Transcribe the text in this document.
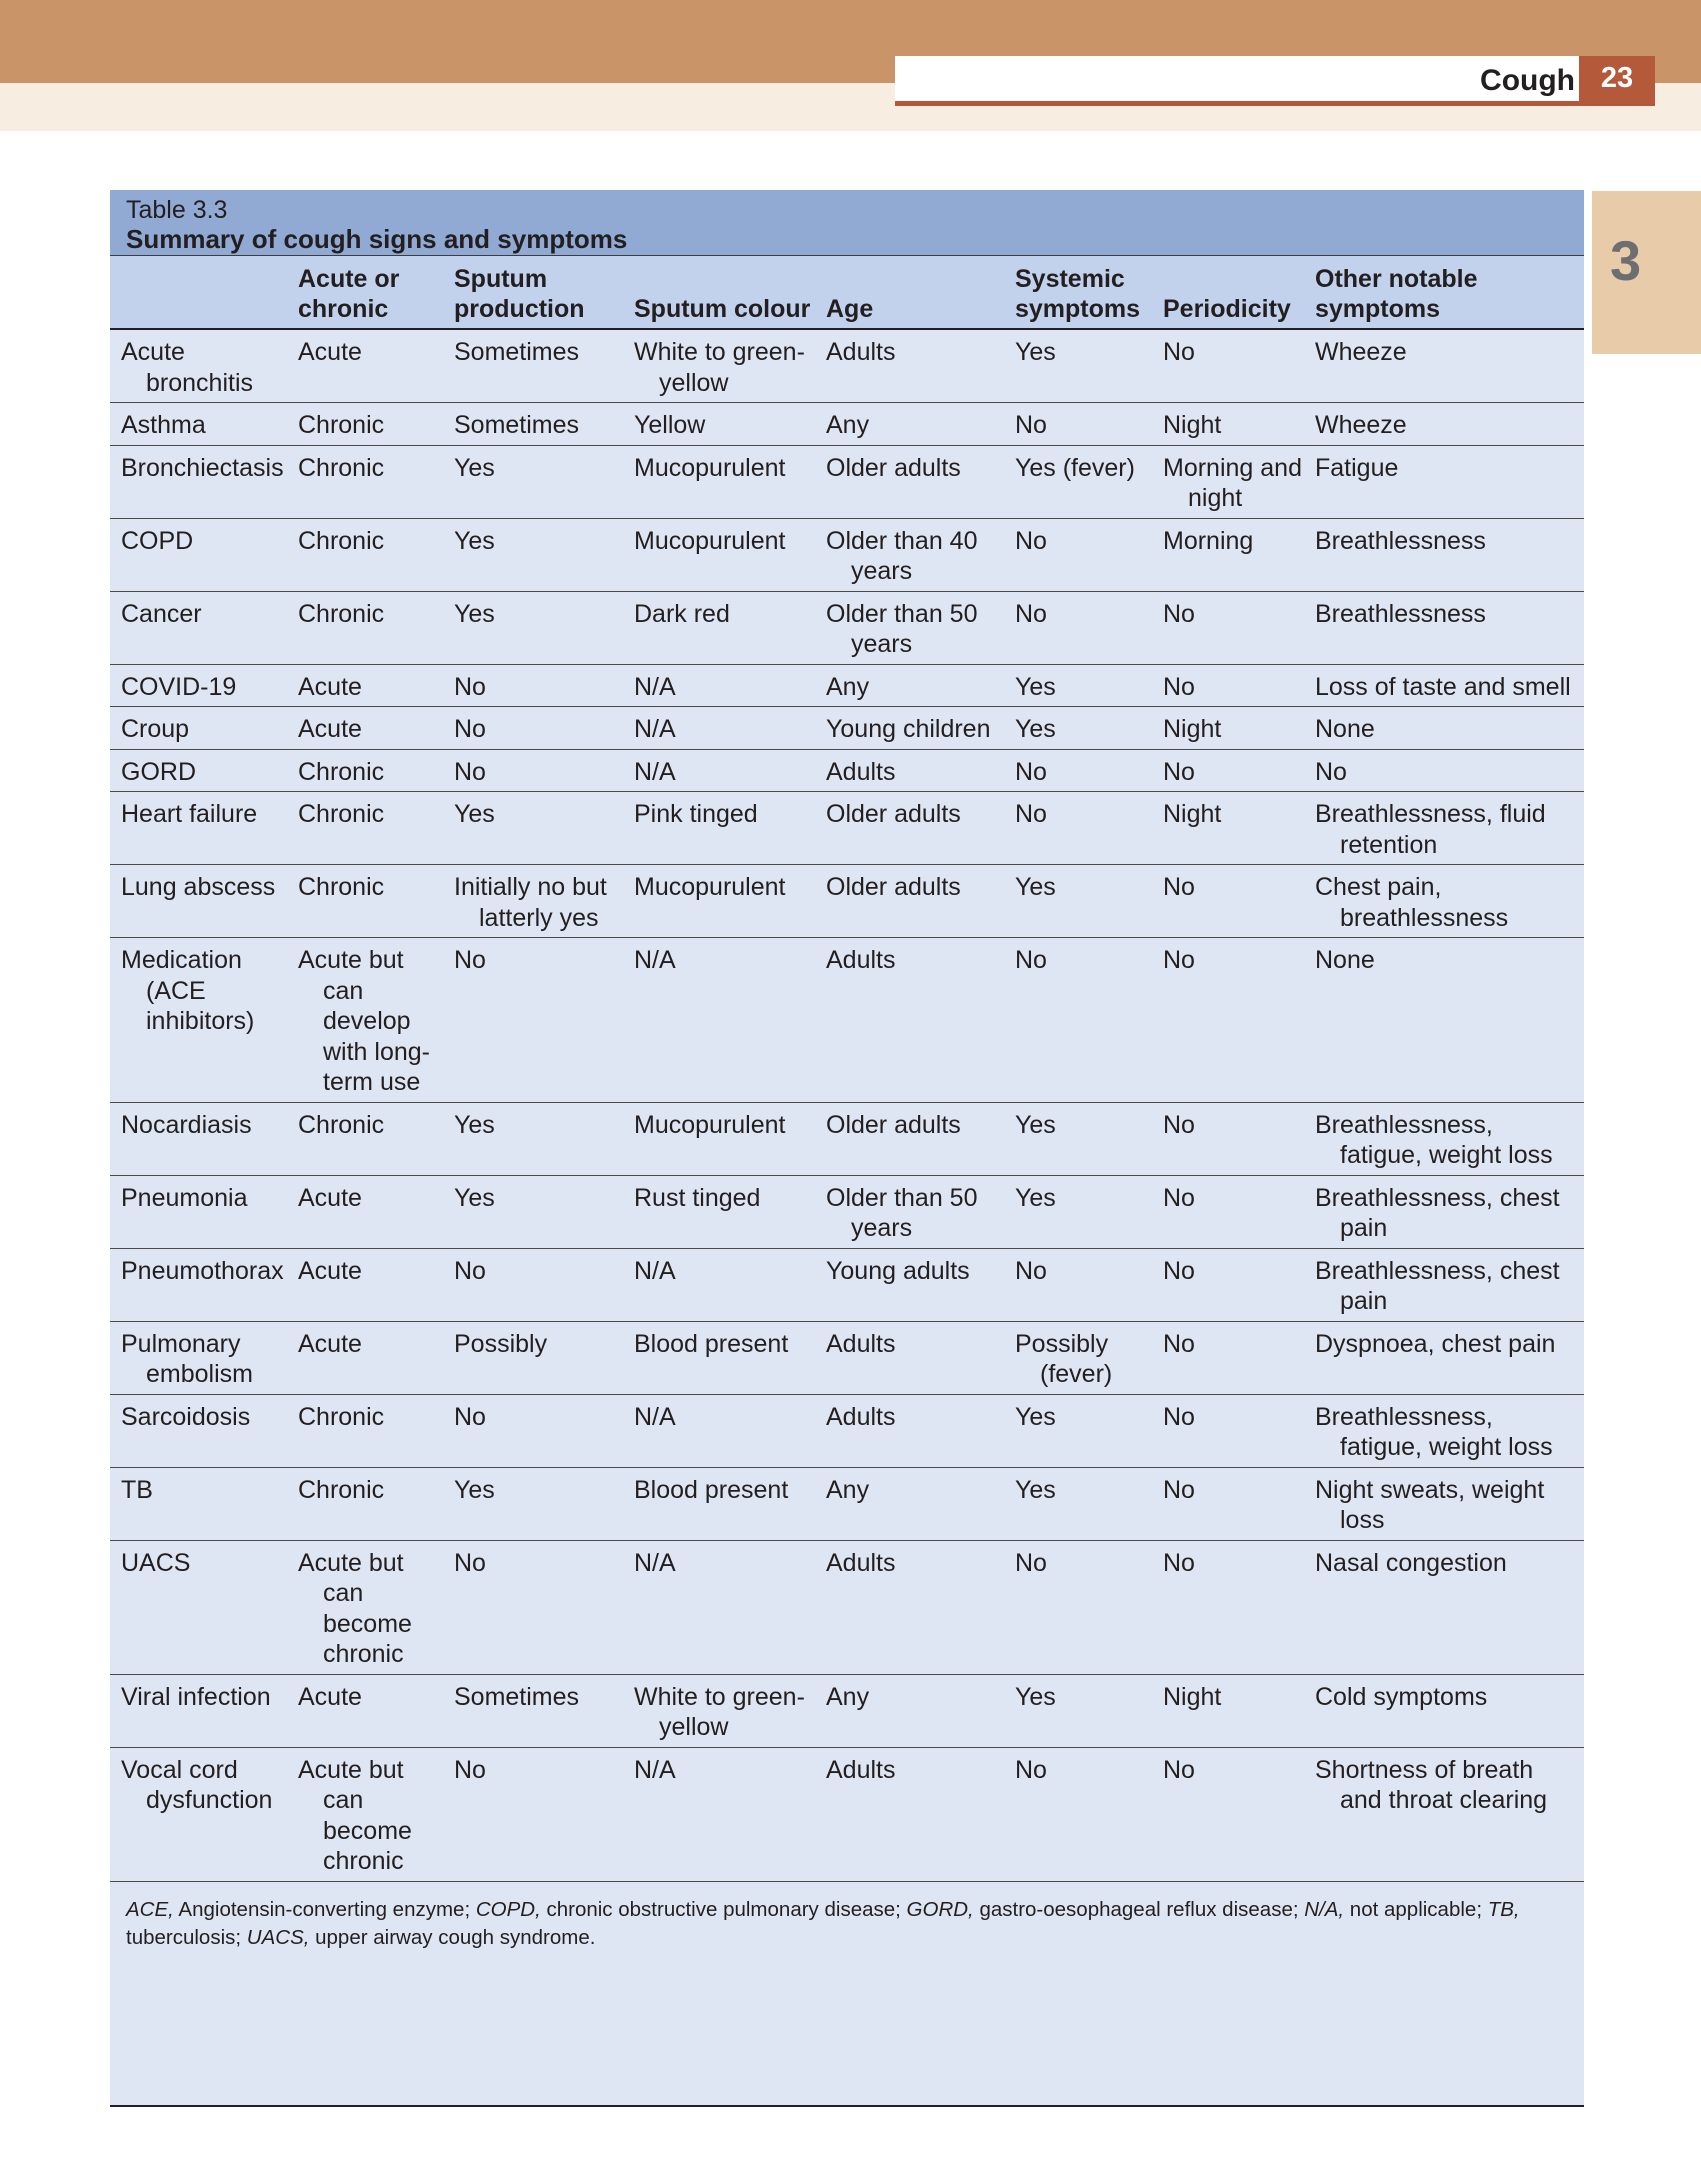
Cough 23
3
Table 3.3
Summary of cough signs and symptoms
	Acute or chronic	Sputum production	Sputum colour	Age	Systemic symptoms	Periodicity	Other notable symptoms

Acute bronchitis	Acute	Sometimes	White to green-yellow	Adults	Yes	No	Wheeze

Asthma	Chronic	Sometimes	Yellow	Any	No	Night	Wheeze

Bronchiectasis	Chronic	Yes	Mucopurulent	Older adults	Yes (fever)	Morning and night	Fatigue

COPD	Chronic	Yes	Mucopurulent	Older than 40 years	No	Morning	Breathlessness

Cancer	Chronic	Yes	Dark red	Older than 50 years	No	No	Breathlessness

COVID-19	Acute	No	N/A	Any	Yes	No	Loss of taste and smell

Croup	Acute	No	N/A	Young children	Yes	Night	None

GORD	Chronic	No	N/A	Adults	No	No	No

Heart failure	Chronic	Yes	Pink tinged	Older adults	No	Night	Breathlessness, fluid retention

Lung abscess	Chronic	Initially no but latterly yes	Mucopurulent	Older adults	Yes	No	Chest pain, breathlessness

Medication (ACE inhibitors)	Acute but can develop with long-term use	No	N/A	Adults	No	No	None

Nocardiasis	Chronic	Yes	Mucopurulent	Older adults	Yes	No	Breathlessness, fatigue, weight loss

Pneumonia	Acute	Yes	Rust tinged	Older than 50 years	Yes	No	Breathlessness, chest pain

Pneumothorax	Acute	No	N/A	Young adults	No	No	Breathlessness, chest pain

Pulmonary embolism	Acute	Possibly	Blood present	Adults	Possibly (fever)	No	Dyspnoea, chest pain

Sarcoidosis	Chronic	No	N/A	Adults	Yes	No	Breathlessness, fatigue, weight loss

TB	Chronic	Yes	Blood present	Any	Yes	No	Night sweats, weight loss

UACS	Acute but can become chronic	No	N/A	Adults	No	No	Nasal congestion

Viral infection	Acute	Sometimes	White to green-yellow	Any	Yes	Night	Cold symptoms

Vocal cord dysfunction	Acute but can become chronic	No	N/A	Adults	No	No	Shortness of breath and throat clearing
ACE, Angiotensin-converting enzyme; COPD, chronic obstructive pulmonary disease; GORD, gastro-oesophageal reflux disease; N/A, not applicable; TB, tuberculosis; UACS, upper airway cough syndrome.
